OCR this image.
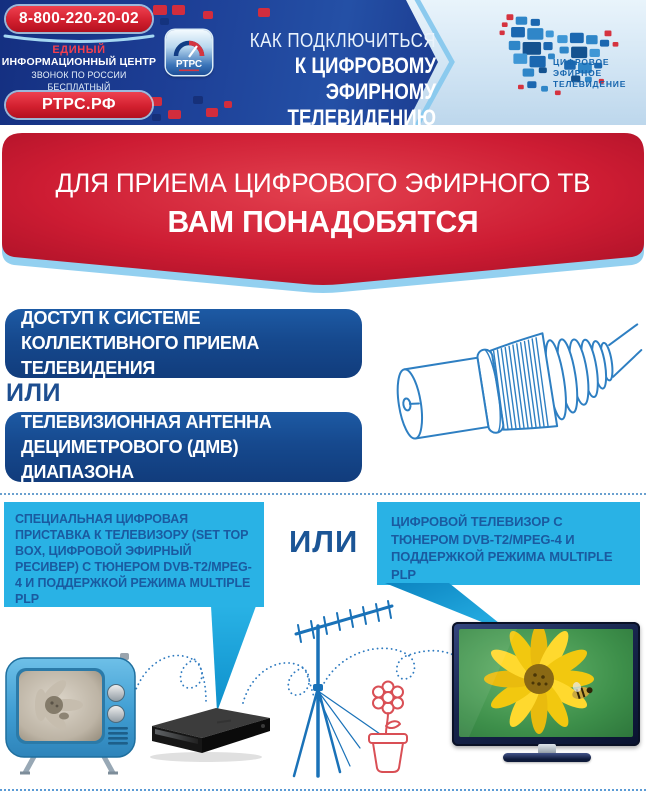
8-800-220-20-02
ЕДИНЫЙ
ИНФОРМАЦИОННЫЙ ЦЕНТР
ЗВОНОК ПО РОССИИ БЕСПЛАТНЫЙ
РТРС.РФ
РТРС
КАК ПОДКЛЮЧИТЬСЯ
К ЦИФРОВОМУ ЭФИРНОМУ
ТЕЛЕВИДЕНИЮ
ЦИФРОВОЕ
ЭФИРНОЕ
ТЕЛЕВИДЕНИЕ
ДЛЯ ПРИЕМА ЦИФРОВОГО ЭФИРНОГО ТВ
ВАМ ПОНАДОБЯТСЯ
ДОСТУП К СИСТЕМЕ КОЛЛЕКТИВНОГО ПРИЕМА ТЕЛЕВИДЕНИЯ
ИЛИ
ТЕЛЕВИЗИОННАЯ АНТЕННА ДЕЦИМЕТРОВОГО (ДМВ) ДИАПАЗОНА
СПЕЦИАЛЬНАЯ ЦИФРОВАЯ ПРИСТАВКА К ТЕЛЕВИЗОРУ (SET TOP BOX, ЦИФРОВОЙ ЭФИРНЫЙ РЕСИВЕР) С ТЮНЕРОМ DVB-T2/MPEG-4 И ПОДДЕРЖКОЙ РЕЖИМА MULTIPLE PLP
ИЛИ
ЦИФРОВОЙ ТЕЛЕВИЗОР С ТЮНЕРОМ DVB-T2/MPEG-4 И ПОДДЕРЖКОЙ РЕЖИМА MULTIPLE PLP
